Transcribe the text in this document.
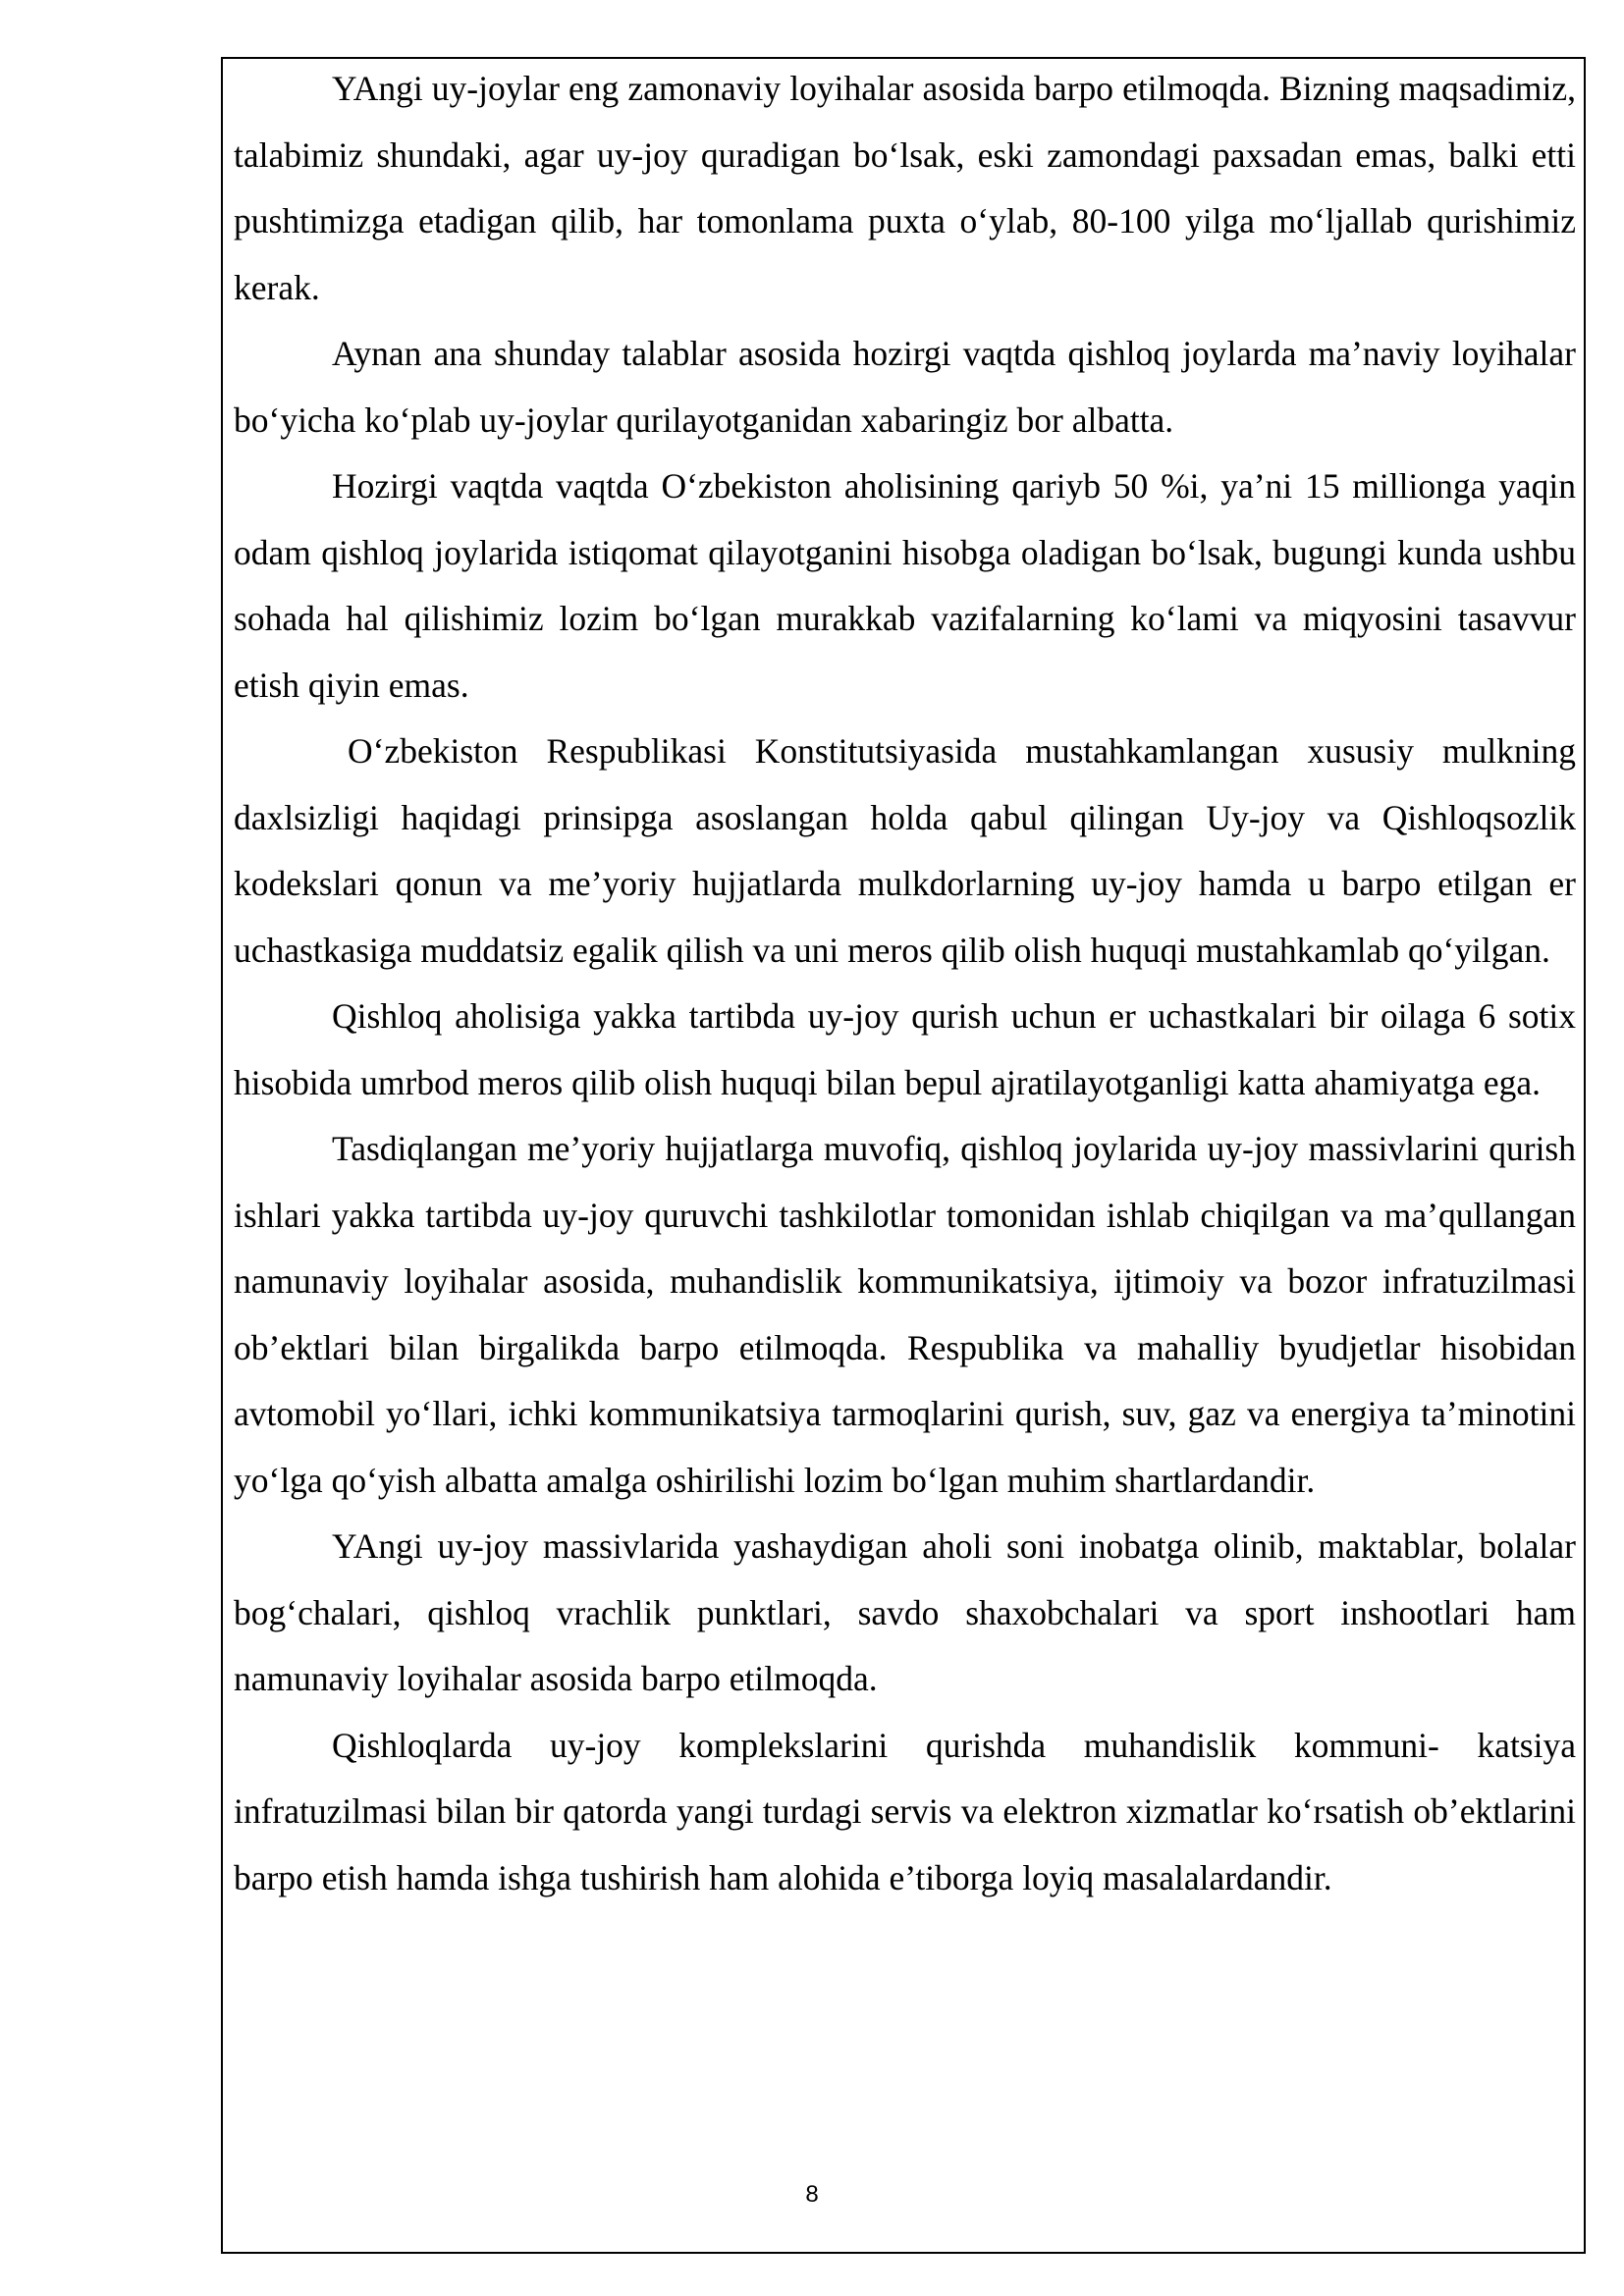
YAngi uy-joylar eng zamonaviy loyihalar asosida barpo etilmoqda. Bizning maqsadimiz, talabimiz shundaki, agar uy-joy quradigan bo‘lsak, eski zamondagi paxsadan emas, balki etti pushtimizga etadigan qilib, har tomonlama puxta o‘ylab, 80-100 yilga mo‘ljallab qurishimiz kerak.

Aynan ana shunday talablar asosida hozirgi vaqtda qishloq joylarda ma’naviy loyihalar bo‘yicha ko‘plab uy-joylar qurilayotganidan xabaringiz bor albatta.

Hozirgi vaqtda vaqtda O‘zbekiston aholisining qariyb 50 %i, ya’ni 15 millionga yaqin odam qishloq joylarida istiqomat qilayotganini hisobga oladigan bo‘lsak, bugungi kunda ushbu sohada hal qilishimiz lozim bo‘lgan murakkab vazifalarning ko‘lami va miqyosini tasavvur etish qiyin emas.

O‘zbekiston Respublikasi Konstitutsiyasida mustahkamlangan xususiy mulkning daxlsizligi haqidagi prinsipga asoslangan holda qabul qilingan Uy-joy va Qishloqsozlik kodekslari qonun va me’yoriy hujjatlarda mulkdorlarning uy-joy hamda u barpo etilgan er uchastkasiga muddatsiz egalik qilish va uni meros qilib olish huquqi mustahkamlab qo‘yilgan.

Qishloq aholisiga yakka tartibda uy-joy qurish uchun er uchastkalari bir oilaga 6 sotix hisobida umrbod meros qilib olish huquqi bilan bepul ajratilayotganligi katta ahamiyatga ega.

Tasdiqlangan me’yoriy hujjatlarga muvofiq, qishloq joylarida uy-joy massivlarini qurish ishlari yakka tartibda uy-joy quruvchi tashkilotlar tomonidan ishlab chiqilgan va ma’qullangan namunaviy loyihalar asosida, muhandislik kommunikatsiya, ijtimoiy va bozor infratuzilmasi ob’ektlari bilan birgalikda barpo etilmoqda. Respublika va mahalliy byudjetlar hisobidan avtomobil yo‘llari, ichki kommunikatsiya tarmoqlarini qurish, suv, gaz va energiya ta’minotini yo‘lga qo‘yish albatta amalga oshirilishi lozim bo‘lgan muhim shartlardandir.

YAngi uy-joy massivlarida yashaydigan aholi soni inobatga olinib, maktablar, bolalar bog‘chalari, qishloq vrachlik punktlari, savdo shaxobchalari va sport inshootlari ham namunaviy loyihalar asosida barpo etilmoqda.

Qishloqlarda uy-joy komplekslarini qurishda muhandislik kommuni- katsiya infratuzilmasi bilan bir qatorda yangi turdagi servis va elektron xizmatlar ko‘rsatish ob’ektlarini barpo etish hamda ishga tushirish ham alohida e’tiborga loyiq masalalardandir.

8
